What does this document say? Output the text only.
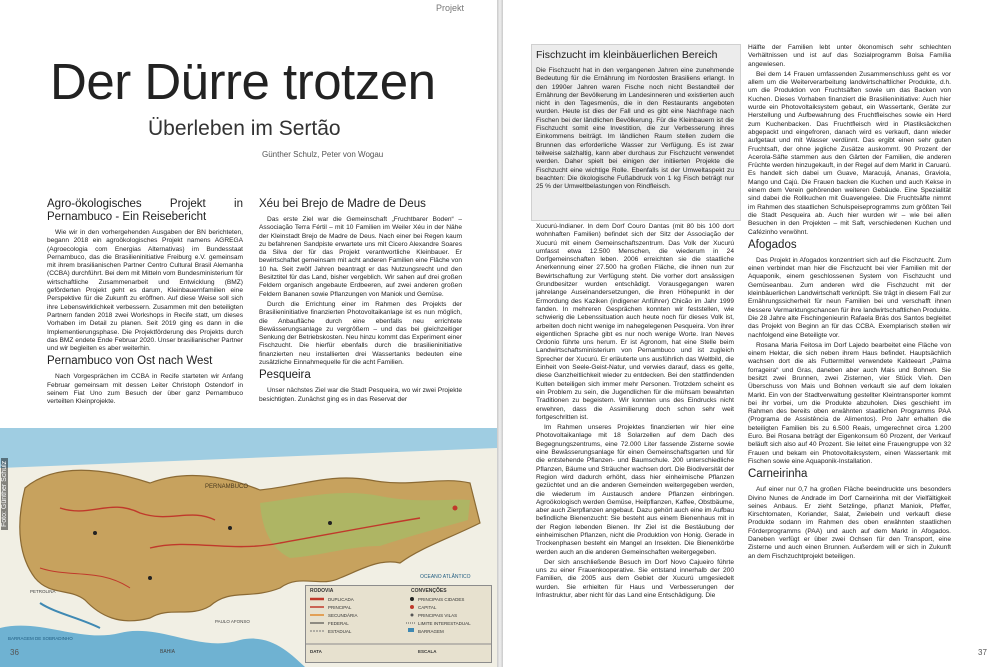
Projekt
Der Dürre trotzen
Überleben im Sertão
Günther Schulz, Peter von Wogau
Agro-ökologisches Projekt in Pernambuco - Ein Reisebericht

Wie wir in den vorhergehenden Ausgaben der BN berichteten, begann 2018 ein agroökologisches Projekt namens AGREGA (Agroecologia com Energias Alternativas) im Bundesstaat Pernambuco, das die Brasilieninitiative Freiburg e.V. gemeinsam mit ihrem brasilianischen Partner Centro Cultural Brasil Alemanha (CCBA) durchführt. Bei dem mit Mitteln vom Bundesministerium für wirtschaftliche Zusammenarbeit und Entwicklung (BMZ) geförderten Projekt geht es darum, Kleinbauernfamilien eine Perspektive für die Zukunft zu eröffnen. Auf diese Weise soll sich ihre Lebenswirklichkeit verbessern. Zusammen mit den beteiligten Partnern fanden 2018 zwei Workshops in Recife statt, um dieses Vorhaben im Detail zu planen. Seit 2019 ging es dann in die Implementierungsphase. Die Projektförderung des Projekts durch das BMZ endete Ende Februar 2020. Unser brasilianischer Partner und wir begleiten es aber weiterhin.

Pernambuco von Ost nach West

Nach Vorgesprächen im CCBA in Recife starteten wir Anfang Februar gemeinsam mit dessen Leiter Christoph Ostendorf in seinem Fiat Uno zum Besuch der über ganz Pernambuco verteilten Kleinprojekte.

Xéu bei Brejo de Madre de Deus

Das erste Ziel war die Gemeinschaft „Fruchtbarer Boden“ – Associação Terra Fértil – mit 10 Familien im Weiler Xéu in der Nähe der Kleinstadt Brejo de Madre de Deus. Nach einer bei Regen kaum zu befahrenen Sandpiste erwartete uns mit Cicero Alexandre Soares da Silva der für das Projekt verantwortliche Kleinbauer. Er bewirtschaftet gemeinsam mit acht anderen Familien eine Fläche von 10 ha. Seit zwölf Jahren beantragt er das Nutzungsrecht und den Besitztitel für das Land, bisher vergeblich. Wir sahen auf drei großen Feldern organisch angebaute Erdbeeren, auf zwei anderen großen Feldern Bananen sowie Pflanzungen von Maniok und Gemüse.

Durch die Errichtung einer im Rahmen des Projekts der Brasilieninitiative finanzierten Photovoltaikanlage ist es nun möglich, die Anbaufläche durch eine ebenfalls neu errichtete Bewässerungsanlage zu vergrößern – und das bei gleichzeitiger Senkung der Betriebskosten. Neu hinzu kommt das Experiment einer Fischzucht. Die hierfür ebenfalls durch die brasilieninitiative finanzierten neu installierten drei Wassertanks bedeuten eine zusätzliche Einnahmequelle für die acht Familien.

Pesqueira

Unser nächstes Ziel war die Stadt Pesqueira, wo wir zwei Projekte besichtigten. Zunächst ging es in das Reservat der

PERNAMBUCO
OCEANO ATLÂNTICO
BAHIA
BARRAGEM DE SOBRADINHO
PAULO AFONSO
PETROLINA	RODOVIA	CONVENÇÕES
DUPLICADA
PRINCIPAL
SECUNDÁRIA
FEDERAL
ESTADUAL
PRINCIPAIS CIDADES
CAPITAL
PRINCIPAIS VILAS
LIMITE INTERESTADUAL
BARRAGEM
DATA	ESCALA
Foto: Günther Schulz
36
Fischzucht im kleinbäuerlichen Bereich

Die Fischzucht hat in den vergangenen Jahren eine zunehmende Bedeutung für die Ernährung im Nordosten Brasiliens erlangt. In den 1990er Jahren waren Fische noch nicht Bestandteil der Ernährung der Bevölkerung im Landesinneren und existierten auch nicht in den Tagesmenüs, die in den Restaurants angeboten wurden. Heute ist dies der Fall und es gibt eine Nachfrage nach Fischen bei der ländlichen Bevölkerung. Für die Kleinbauern ist die Fischzucht somit eine Investition, die zur Verbesserung ihres Einkommens beiträgt. Im ländlichen Raum stellen zudem die Brunnen das erforderliche Wasser zur Verfügung. Es ist zwar teilweise salzhaltig, kann aber durchaus zur Fischzucht verwendet werden. Daher spielt bei einigen der initiierten Projekte die Fischzucht eine wichtige Rolle. Ebenfalls ist der Umweltaspekt zu beachten: Die ökologische Fußabdruck von 1 kg Fisch beträgt nur 25 % der Umweltbelastungen von Rindfleisch.

Xucurú-Indianer. In dem Dorf Couro Dantas (mit 80 bis 100 dort wohnhaften Familien) befindet sich der Sitz der Associação der Xucurú mit einem Gemeinschaftszentrum. Das Volk der Xucurú umfasst etwa 12.500 Menschen, die wiederum in 24 Dorfgemeinschaften leben. 2006 erreichten sie die staatliche Anerkennung einer 27.500 ha großen Fläche, die ihnen nun zur Bewirtschaftung zur Verfügung steht. Die vorher dort ansässigen Grundbesitzer wurden entschädigt. Vorausgegangen waren jahrelange Auseinandersetzungen, die ihren Höhepunkt in der Ermordung des Kaziken (indigener Anführer) Chicão im Jahr 1999 fanden. In mehreren Gesprächen konnten wir feststellen, wie schwierig die Lebenssituation auch heute noch für dieses Volk ist, arbeiten doch nicht wenige im nahegelegenen Pesqueira. Von ihrer eigentlichen Sprache gibt es nur noch wenige Worte. Iran Neves Ordonio führte uns herum. Er ist Agronom, hat eine Stelle beim Landwirtschaftsministerium von Pernambuco und ist zugleich Sprecher der Xucurú. Er erläuterte uns ausführlich das Weltbild, die Einheit von Seele-Geist-Natur, und verwies darauf, dass es gelte, diese Ganzheitlichkeit wieder zu entdecken. Bei den stattfindenden Kulten beteiligen sich immer mehr Personen. Trotzdem scheint es ein Problem zu sein, die Jugendlichen für die mühsam bewahrten Traditionen zu begeistern. Wir konnten uns des Eindrucks nicht erwehren, dass die Assimilierung doch schon sehr weit fortgeschritten ist.

Im Rahmen unseres Projektes finanzierten wir hier eine Photovoltaikanlage mit 18 Solarzellen auf dem Dach des Begegnungszentrums, eine 72.000 Liter fassende Zisterne sowie eine Bewässerungsanlage für einen Gemeinschaftsgarten und für die entstehende Pflanzen- und Baumschule. 200 unterschiedliche Pflanzen, Bäume und Sträucher wachsen dort. Die Biodiversität der Region wird dadurch erhöht, dass hier einheimische Pflanzen gezüchtet und an die anderen Gemeinden weitergegeben werden, die wiederum im Austausch andere Pflanzen einbringen. Agroökologisch werden Gemüse, Heilpflanzen, Kaffee, Obstbäume, aber auch Zierpflanzen angebaut. Dazu gehört auch eine im Aufbau befindliche Bienenzucht: Sie besteht aus einem Bienenhaus mit in der Region lebenden Bienen. Ihr Ziel ist die Bestäubung der einheimischen Pflanzen, nicht die Produktion von Honig. Gerade in Trockenphasen besteht ein Mangel an Insekten. Die Bienenkörbe werden auch an die anderen Gemeinschaften weitergegeben.

Der sich anschließende Besuch im Dorf Novo Cajueiro führte uns zu einer Frauenkooperative. Sie entstand innerhalb der 200 Familien, die 2005 aus dem Gebiet der Xucurú umgesiedelt wurden. Sie erhielten für Haus und Verbesserungen der Infrastruktur, aber nicht für das Land eine Entschädigung. Die

Hälfte der Familien lebt unter ökonomisch sehr schlechten Verhältnissen und ist auf das Sozialprogramm Bolsa Família angewiesen.

Bei dem 14 Frauen umfassenden Zusammenschluss geht es vor allem um die Weiterverarbeitung landwirtschaftlicher Produkte, d.h. um die Produktion von Fruchtsäften sowie um das Backen von Kuchen. Dieses Vorhaben finanziert die Brasilieninitiative: Auch hier wurde ein Photovoltaiksystem gebaut, ein Wassertank, Geräte zur Herstellung und Aufbewahrung des Fruchtfleisches sowie ein Herd zum Kuchenbacken. Das Fruchtfleisch wird in Plastiksäckchen abgepackt und eingefroren, danach wird es verkauft, dann wieder aufgetaut und mit Wasser verdünnt. Das ergibt einen sehr guten Fruchtsaft, der ohne jegliche Zusätze auskommt. 90 Prozent der Acerola-Säfte stammen aus den Gärten der Familien, die anderen Früchte werden hinzugekauft, in der Regel auf dem Markt in Caruarú. Es handelt sich dabei um Guave, Maracujá, Ananas, Graviola, Mango und Cajú. Die Frauen backen die Kuchen und auch Kekse in einem dem Verein gehörenden weiteren Gebäude. Eine Spezialität sind dabei die Rollkuchen mit Guavengelee. Die Fruchtsäfte nimmt im Rahmen des staatlichen Schulspeiseprogramms zum größten Teil die Stadt Pesqueira ab. Auch hier wurden wir – wie bei allen Besuchen in den Projekten – mit Saft, verschiedenen Kuchen und Cafézinho verwöhnt.

Afogados

Das Projekt in Afogados konzentriert sich auf die Fischzucht. Zum einen verbindet man hier die Fischzucht bei vier Familien mit der Aquaponik, einem geschlossenen System von Fischzucht und Gemüseanbau. Zum anderen wird die Fischzucht mit der kleinbäuerlichen Landwirtschaft verknüpft. Sie trägt in diesem Fall zur Ernährungssicherheit für neun Familien bei und verschafft ihnen bessere Vermarktungschancen für ihre landwirtschaftlichen Produkte. Die 28 Jahre alte Fischingenieurin Rafaela Brás dos Santos begleitet das Projekt von Beginn an für das CCBA. Exemplarisch stellen wir nachfolgend eine Beteiligte vor.

Rosana Maria Feitosa im Dorf Lajedo bearbeitet eine Fläche von einem Hektar, die sich neben ihrem Haus befindet. Hauptsächlich wachsen dort die als Futtermittel verwendete Kakteeart „Palma forrageira“ und Gras, daneben aber auch Mais und Bohnen. Sie besitzt zwei Brunnen, zwei Zisternen, vier Stück Vieh. Den Überschuss von Mais und Bohnen verkauft sie auf dem lokalen Markt. Ein von der Stadtverwaltung gestellter Kleintransporter kommt bei ihr vorbei, um die Produkte abzuholen. Dies geschieht im Rahmen des bereits oben erwähnten staatlichen Programms PAA (Programa de Assistência de Alimentos). Pro Jahr erhalten die beteiligten Familien bis zu 6.500 Reais, umgerechnet circa 1.200 Euro. Bei Rosana beträgt der Eigenkonsum 60 Prozent, der Verkauf beläuft sich also auf 40 Prozent. Sie leitet eine Frauengruppe von 32 Frauen und bekam ein Photovoltaiksystem, einen Wassertank mit Fischen sowie eine Aquaponik-Installation.

Carneirinha

Auf einer nur 0,7 ha großen Fläche beeindruckte uns besonders Divino Nunes de Andrade im Dorf Carneirinha mit der Vielfältigkeit seines Anbaus. Er zieht Setzlinge, pflanzt Maniok, Pfeffer, Kirschtomaten, Koriander, Salat, Zwiebeln und verkauft diese Produkte sodann im Rahmen des oben erwähnten staatlichen Förderprogramms (PAA) und auch auf dem Markt in Afogados. Daneben verfügt er über zwei Ochsen für den Transport, eine Zisterne und auch einen Brunnen. Außerdem will er sich in Zukunft an dem Fischzuchtprojekt beteiligen.

37
